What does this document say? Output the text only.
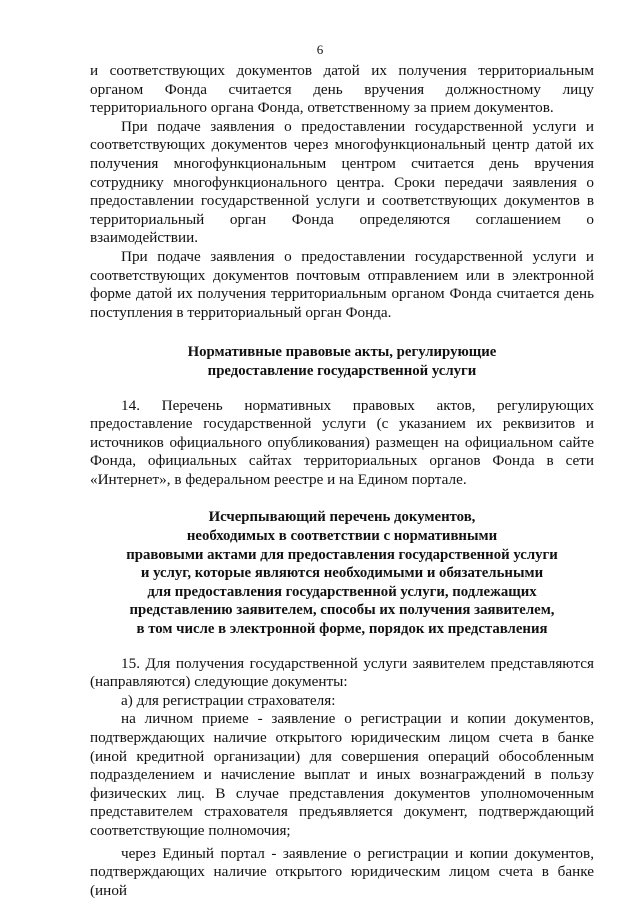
6

и соответствующих документов датой их получения территориальным органом Фонда считается день вручения должностному лицу территориального органа Фонда, ответственному за прием документов.

При подаче заявления о предоставлении государственной услуги и соответствующих документов через многофункциональный центр датой их получения многофункциональным центром считается день вручения сотруднику многофункционального центра. Сроки передачи заявления о предоставлении государственной услуги и соответствующих документов в территориальный орган Фонда определяются соглашением о взаимодействии.

При подаче заявления о предоставлении государственной услуги и соответствующих документов почтовым отправлением или в электронной форме датой их получения территориальным органом Фонда считается день поступления в территориальный орган Фонда.

Нормативные правовые акты, регулирующие
предоставление государственной услуги

14. Перечень нормативных правовых актов, регулирующих предоставление государственной услуги (с указанием их реквизитов и источников официального опубликования) размещен на официальном сайте Фонда, официальных сайтах территориальных органов Фонда в сети «Интернет», в федеральном реестре и на Едином портале.

Исчерпывающий перечень документов,
необходимых в соответствии с нормативными
правовыми актами для предоставления государственной услуги
и услуг, которые являются необходимыми и обязательными
для предоставления государственной услуги, подлежащих
представлению заявителем, способы их получения заявителем,
в том числе в электронной форме, порядок их представления

15. Для получения государственной услуги заявителем представляются (направляются) следующие документы:

а) для регистрации страхователя:

на личном приеме - заявление о регистрации и копии документов, подтверждающих наличие открытого юридическим лицом счета в банке (иной кредитной организации) для совершения операций обособленным подразделением и начисление выплат и иных вознаграждений в пользу физических лиц. В случае представления документов уполномоченным представителем страхователя предъявляется документ, подтверждающий соответствующие полномочия;

через Единый портал - заявление о регистрации и копии документов, подтверждающих наличие открытого юридическим лицом счета в банке (иной
